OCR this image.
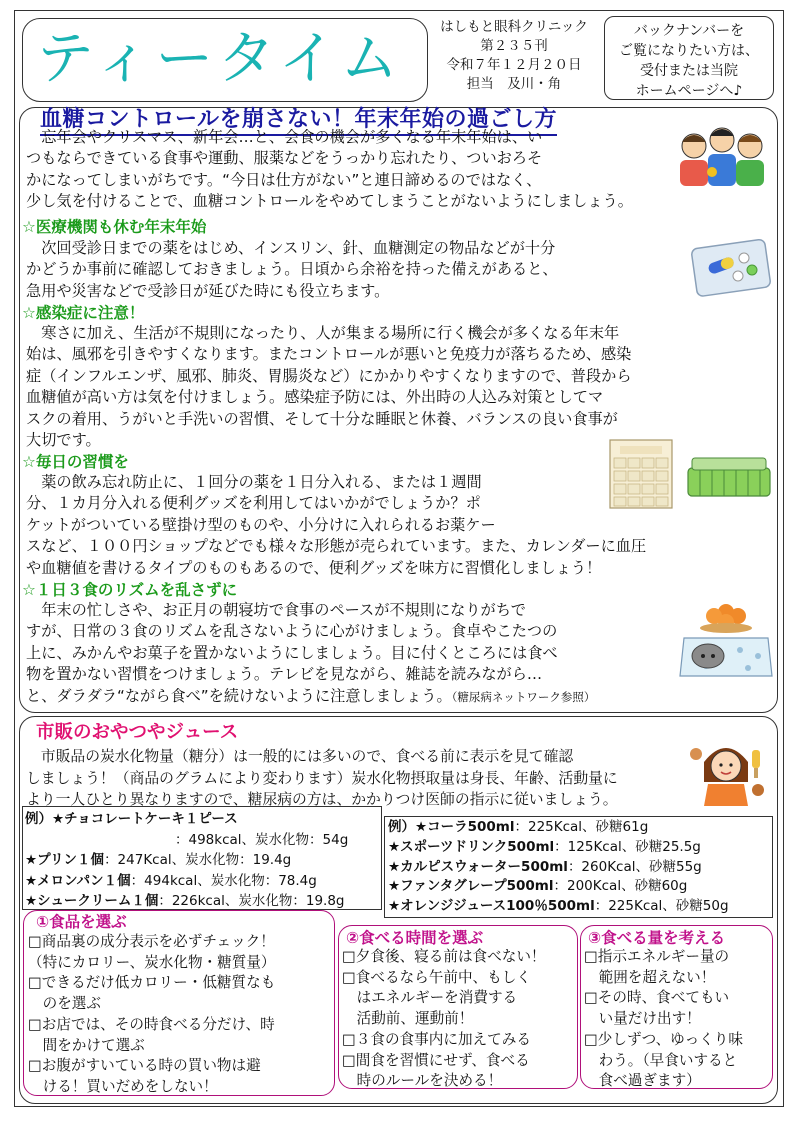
ティータイム	はしもと眼科クリニック
第２３５刊
令和７年１２月２０日
担当　及川・角
バックナンバーを
ご覧になりたい方は、
受付または当院
ホームページへ♪
血糖コントロールを崩さない！年末年始の過ごし方
　忘年会やクリスマス、新年会…と、会食の機会が多くなる年末年始は、い
つもならできている食事や運動、服薬などをうっかり忘れたり、ついおろそ
かになってしまいがちです。“今日は仕方がない”と連日諦めるのではなく、
少し気を付けることで、血糖コントロールをやめてしまうことがないようにしましょう。
☆医療機関も休む年末年始
　次回受診日までの薬をはじめ、インスリン、針、血糖測定の物品などが十分
かどうか事前に確認しておきましょう。日頃から余裕を持った備えがあると、
急用や災害などで受診日が延びた時にも役立ちます。
☆感染症に注意！
　寒さに加え、生活が不規則になったり、人が集まる場所に行く機会が多くなる年末年
始は、風邪を引きやすくなります。またコントロールが悪いと免疫力が落ちるため、感染
症（インフルエンザ、風邪、肺炎、胃腸炎など）にかかりやすくなりますので、普段から
血糖値が高い方は気を付けましょう。感染症予防には、外出時の人込み対策としてマ
スクの着用、うがいと手洗いの習慣、そして十分な睡眠と休養、バランスの良い食事が
大切です。
☆毎日の習慣を
　薬の飲み忘れ防止に、１回分の薬を１日分入れる、または１週間
分、１カ月分入れる便利グッズを利用してはいかがでしょうか？ポ
ケットがついている壁掛け型のものや、小分けに入れられるお薬ケー
スなど、１００円ショップなどでも様々な形態が売られています。また、カレンダーに血圧
や血糖値を書けるタイプのものもあるので、便利グッズを味方に習慣化しましょう！
☆１日３食のリズムを乱さずに
　年末の忙しさや、お正月の朝寝坊で食事のペースが不規則になりがちで
すが、日常の３食のリズムを乱さないように心がけましょう。食卓やこたつの
上に、みかんやお菓子を置かないようにしましょう。目に付くところには食べ
物を置かない習慣をつけましょう。テレビを見ながら、雑誌を読みながら…
と、ダラダラ“ながら食べ”を続けないように注意しましょう。（糖尿病ネットワーク参照）
市販のおやつやジュース
　市販品の炭水化物量（糖分）は一般的には多いので、食べる前に表示を見て確認
しましょう！（商品のグラムにより変わります）炭水化物摂取量は身長、年齢、活動量に
より一人ひとり異なりますので、糖尿病の方は、かかりつけ医師の指示に従いましょう。
例）★チョコレートケーキ１ピース
：498kcal、炭水化物：54g
★プリン１個：247Kcal、炭水化物：19.4g
★メロンパン１個：494kcal、炭水化物：78.4g
★シュークリーム１個：226kcal、炭水化物：19.8g
例）★コーラ500ml：225Kcal、砂糖61g
★スポーツドリンク500ml：125Kcal、砂糖25.5g
★カルピスウォーター500ml：260Kcal、砂糖55g
★ファンタグレープ500ml：200Kcal、砂糖60g
★オレンジジュース100％500ml：225Kcal、砂糖50g
①食品を選ぶ
□商品裏の成分表示を必ずチェック！
（特にカロリー、炭水化物・糖質量）
□できるだけ低カロリー・低糖質なも
　のを選ぶ
□お店では、その時食べる分だけ、時
　間をかけて選ぶ
□お腹がすいている時の買い物は避
　ける！買いだめをしない！
②食べる時間を選ぶ
□夕食後、寝る前は食べない！
□食べるなら午前中、もしく
　はエネルギーを消費する
　活動前、運動前！
□３食の食事内に加えてみる
□間食を習慣にせず、食べる
　時のルールを決める！
③食べる量を考える
□指示エネルギー量の
　範囲を超えない！
□その時、食べてもい
　い量だけ出す！
□少しずつ、ゆっくり味
　わう。（早食いすると
　食べ過ぎます）
